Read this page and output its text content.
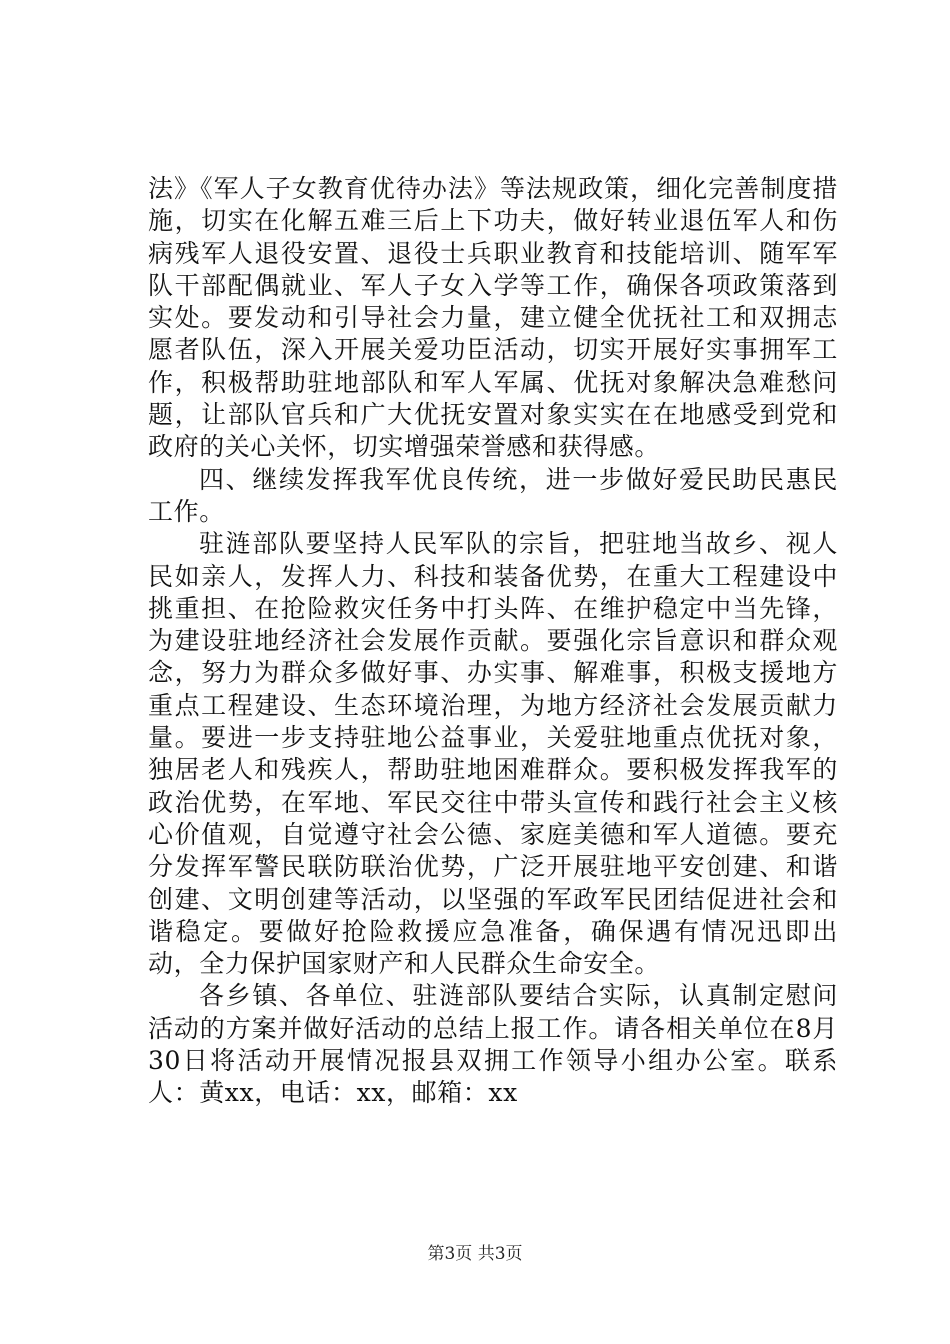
法》《军人子女教育优待办法》等法规政策，细化完善制度措施，切实在化解五难三后上下功夫，做好转业退伍军人和伤病残军人退役安置、退役士兵职业教育和技能培训、随军军队干部配偶就业、军人子女入学等工作，确保各项政策落到实处。要发动和引导社会力量，建立健全优抚社工和双拥志愿者队伍，深入开展关爱功臣活动，切实开展好实事拥军工作，积极帮助驻地部队和军人军属、优抚对象解决急难愁问题，让部队官兵和广大优抚安置对象实实在在地感受到党和政府的关心关怀，切实增强荣誉感和获得感。

四、继续发挥我军优良传统，进一步做好爱民助民惠民工作。

驻涟部队要坚持人民军队的宗旨，把驻地当故乡、视人民如亲人，发挥人力、科技和装备优势，在重大工程建设中挑重担、在抢险救灾任务中打头阵、在维护稳定中当先锋，为建设驻地经济社会发展作贡献。要强化宗旨意识和群众观念，努力为群众多做好事、办实事、解难事，积极支援地方重点工程建设、生态环境治理，为地方经济社会发展贡献力量。要进一步支持驻地公益事业，关爱驻地重点优抚对象，独居老人和残疾人，帮助驻地困难群众。要积极发挥我军的政治优势，在军地、军民交往中带头宣传和践行社会主义核心价值观，自觉遵守社会公德、家庭美德和军人道德。要充分发挥军警民联防联治优势，广泛开展驻地平安创建、和谐创建、文明创建等活动，以坚强的军政军民团结促进社会和谐稳定。要做好抢险救援应急准备，确保遇有情况迅即出动，全力保护国家财产和人民群众生命安全。

各乡镇、各单位、驻涟部队要结合实际，认真制定慰问活动的方案并做好活动的总结上报工作。请各相关单位在8月30日将活动开展情况报县双拥工作领导小组办公室。联系人：黄xx，电话：xx，邮箱：xx

第3页 共3页
